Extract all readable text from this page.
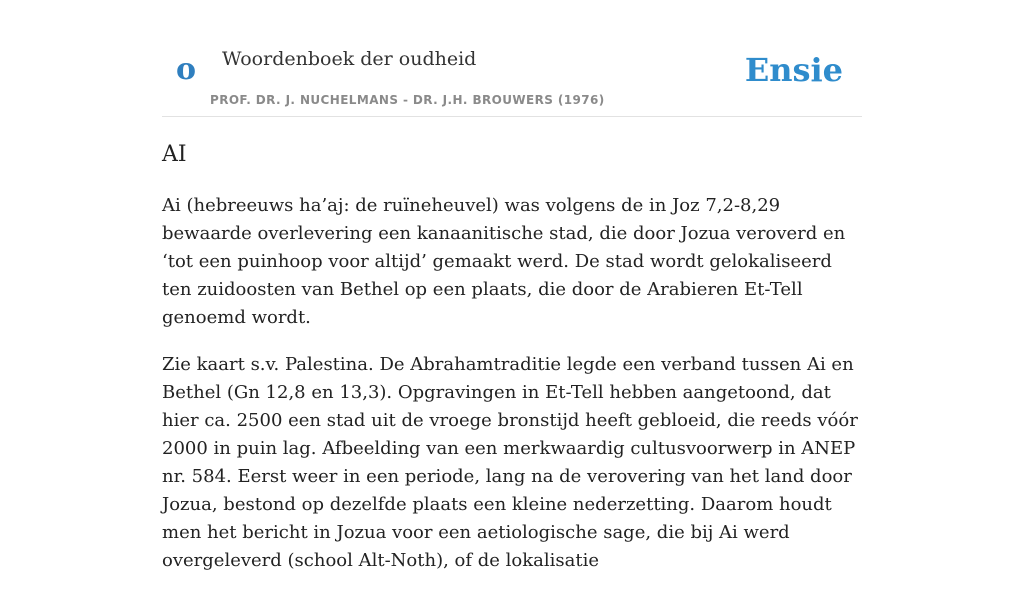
o Woordenboek der oudheid
PROF. DR. J. NUCHELMANS - DR. J.H. BROUWERS (1976)
Ensie
AI

Ai (hebreeuws ha’aj: de ruïneheuvel) was volgens de in Joz 7,2-8,29 bewaarde overlevering een kanaanitische stad, die door Jozua veroverd en ‘tot een puinhoop voor altijd’ gemaakt werd. De stad wordt gelokaliseerd ten zuidoosten van Bethel op een plaats, die door de Arabieren Et-Tell genoemd wordt.

Zie kaart s.v. Palestina. De Abrahamtraditie legde een verband tussen Ai en Bethel (Gn 12,8 en 13,3). Opgravingen in Et-Tell hebben aangetoond, dat hier ca. 2500 een stad uit de vroege bronstijd heeft gebloeid, die reeds vóór 2000 in puin lag. Afbeelding van een merkwaardig cultusvoorwerp in ANEP nr. 584. Eerst weer in een periode, lang na de verovering van het land door Jozua, bestond op dezelfde plaats een kleine nederzetting. Daarom houdt men het bericht in Jozua voor een aetiologische sage, die bij Ai werd overgeleverd (school Alt-Noth), of de lokalisatie
